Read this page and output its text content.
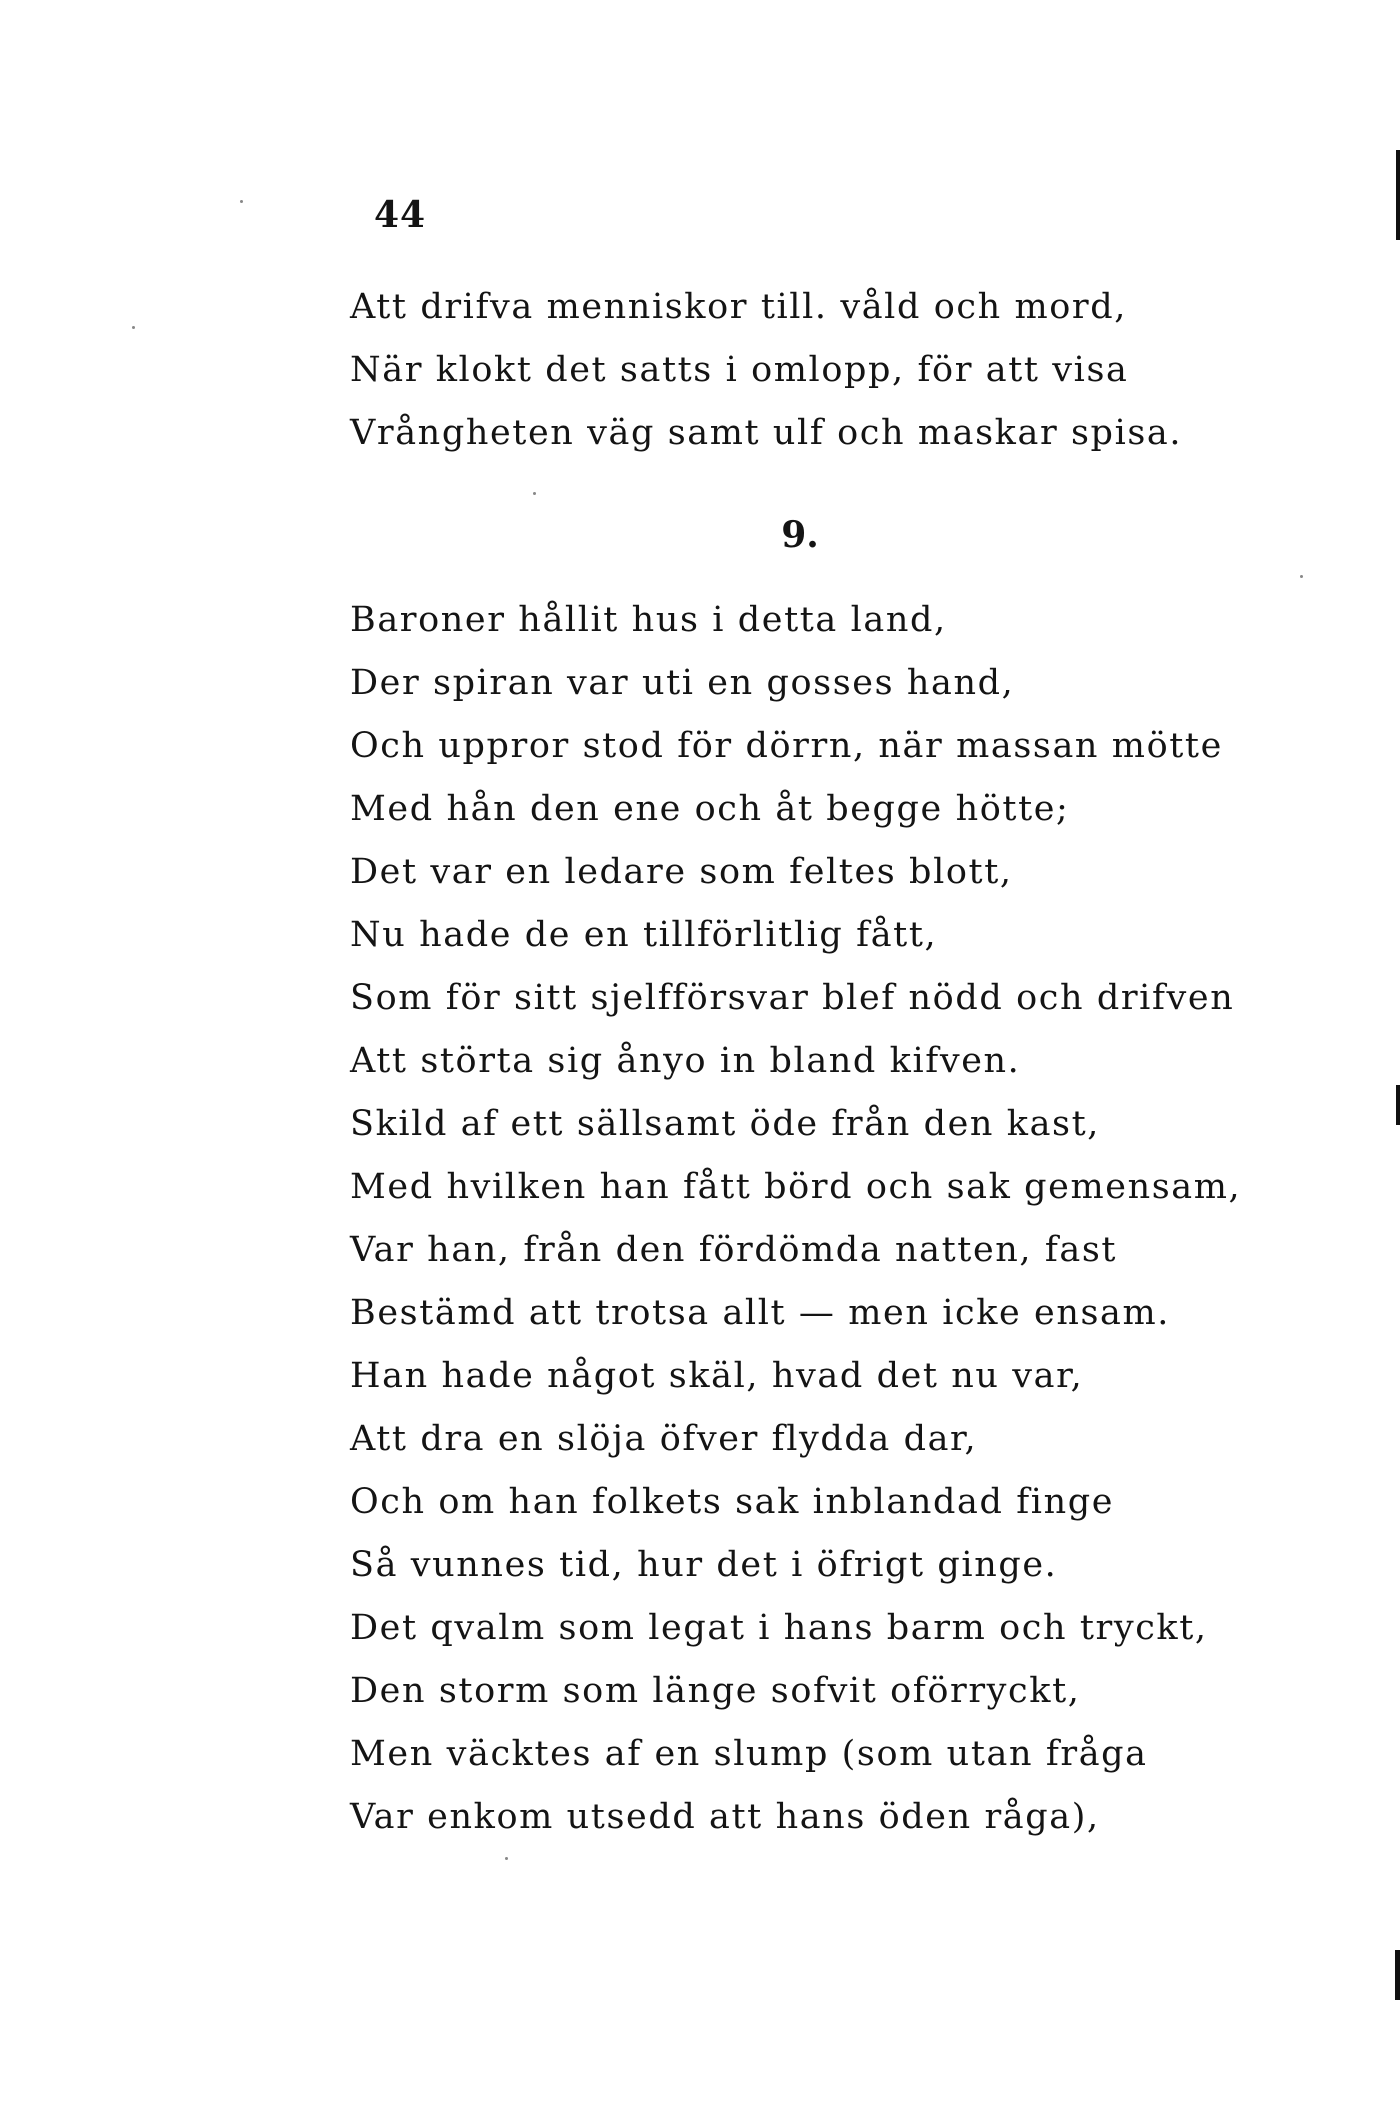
44
Att drifva menniskor till. våld och mord,
När klokt det satts i omlopp, för att visa
Vrångheten väg samt ulf och maskar spisa.
9.
Baroner hållit hus i detta land,
Der spiran var uti en gosses hand,
Och uppror stod för dörrn, när massan mötte
Med hån den ene och åt begge hötte;
Det var en ledare som feltes blott,
Nu hade de en tillförlitlig fått,
Som för sitt sjelfförsvar blef nödd och drifven
Att störta sig ånyo in bland kifven.
Skild af ett sällsamt öde från den kast,
Med hvilken han fått börd och sak gemensam,
Var han, från den fördömda natten, fast
Bestämd att trotsa allt — men icke ensam.
Han hade något skäl, hvad det nu var,
Att dra en slöja öfver flydda dar,
Och om han folkets sak inblandad finge
Så vunnes tid, hur det i öfrigt ginge.
Det qvalm som legat i hans barm och tryckt,
Den storm som länge sofvit oförryckt,
Men väcktes af en slump (som utan fråga
Var enkom utsedd att hans öden råga),
